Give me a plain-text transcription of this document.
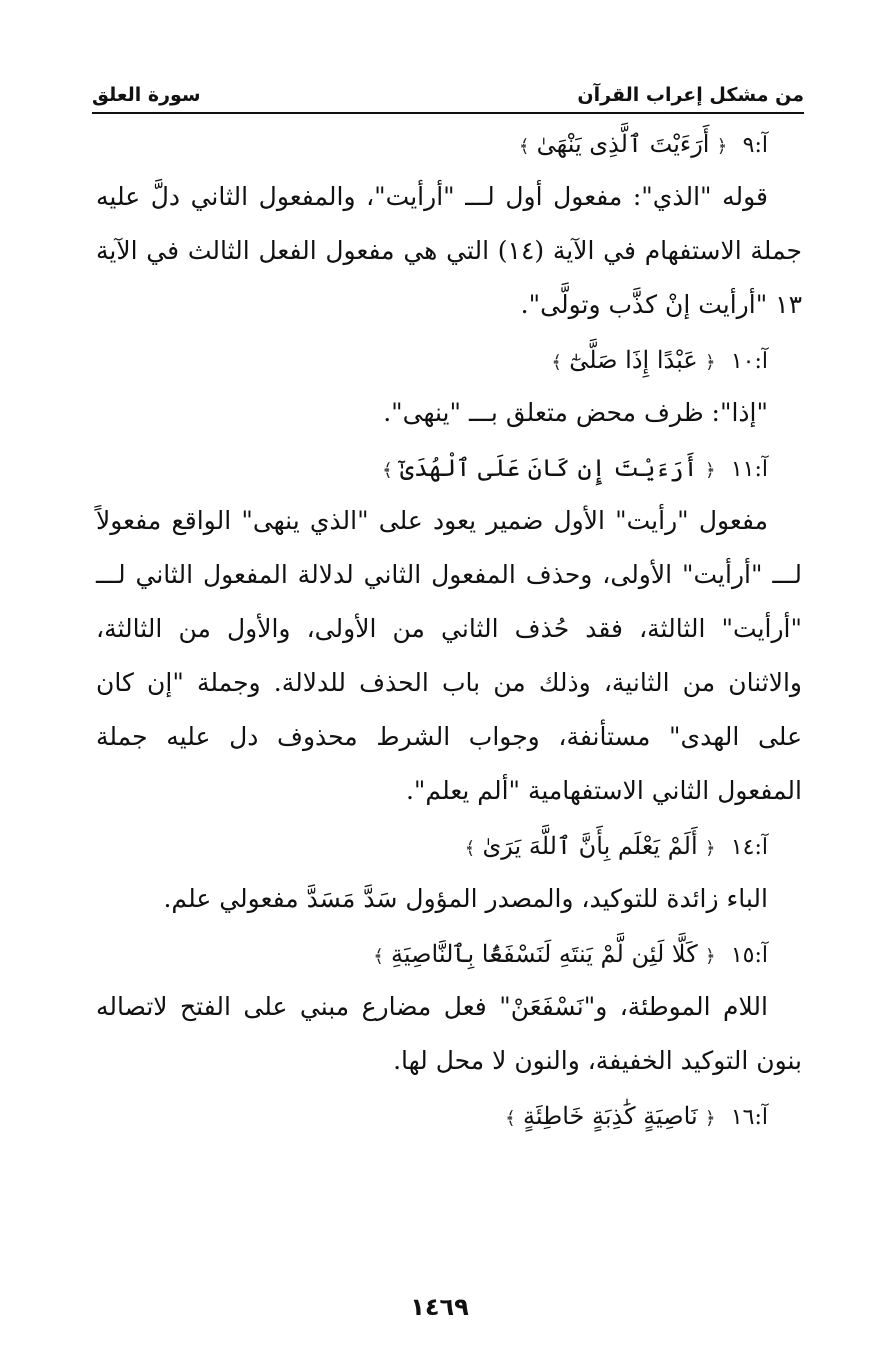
من مشكل إعراب القرآن
سورة العلق
آ:٩ ﴿ أَرَءَيْتَ ٱلَّذِى يَنْهَىٰ ﴾

قوله "الذي": مفعول أول لـــ "أرأيت"، والمفعول الثاني دلَّ عليه جملة الاستفهام في الآية (١٤) التي هي مفعول الفعل الثالث في الآية ١٣ "أرأيت إنْ كذَّب وتولَّى".

آ:١٠ ﴿ عَبْدًا إِذَا صَلَّىٰٓ ﴾

"إذا": ظرف محض متعلق بـــ "ينهى".

آ:١١ ﴿ أَرَءَيْتَ إِن كَانَ عَلَى ٱلْهُدَىٰٓ ﴾

مفعول "رأيت" الأول ضمير يعود على "الذي ينهى" الواقع مفعولاً لـــ "أرأيت" الأولى، وحذف المفعول الثاني لدلالة المفعول الثاني لـــ "أرأيت" الثالثة، فقد حُذف الثاني من الأولى، والأول من الثالثة، والاثنان من الثانية، وذلك من باب الحذف للدلالة. وجملة "إن كان على الهدى" مستأنفة، وجواب الشرط محذوف دل عليه جملة المفعول الثاني الاستفهامية "ألم يعلم".

آ:١٤ ﴿ أَلَمْ يَعْلَم بِأَنَّ ٱللَّهَ يَرَىٰ ﴾

الباء زائدة للتوكيد، والمصدر المؤول سَدَّ مَسَدَّ مفعولي علم.

آ:١٥ ﴿ كَلَّا لَئِن لَّمْ يَنتَهِ لَنَسْفَعًۢا بِٱلنَّاصِيَةِ ﴾

اللام الموطئة، و"نَسْفَعَنْ" فعل مضارع مبني على الفتح لاتصاله بنون التوكيد الخفيفة، والنون لا محل لها.

آ:١٦ ﴿ نَاصِيَةٍ كَٰذِبَةٍ خَاطِئَةٍ ﴾
١٤٦٩
